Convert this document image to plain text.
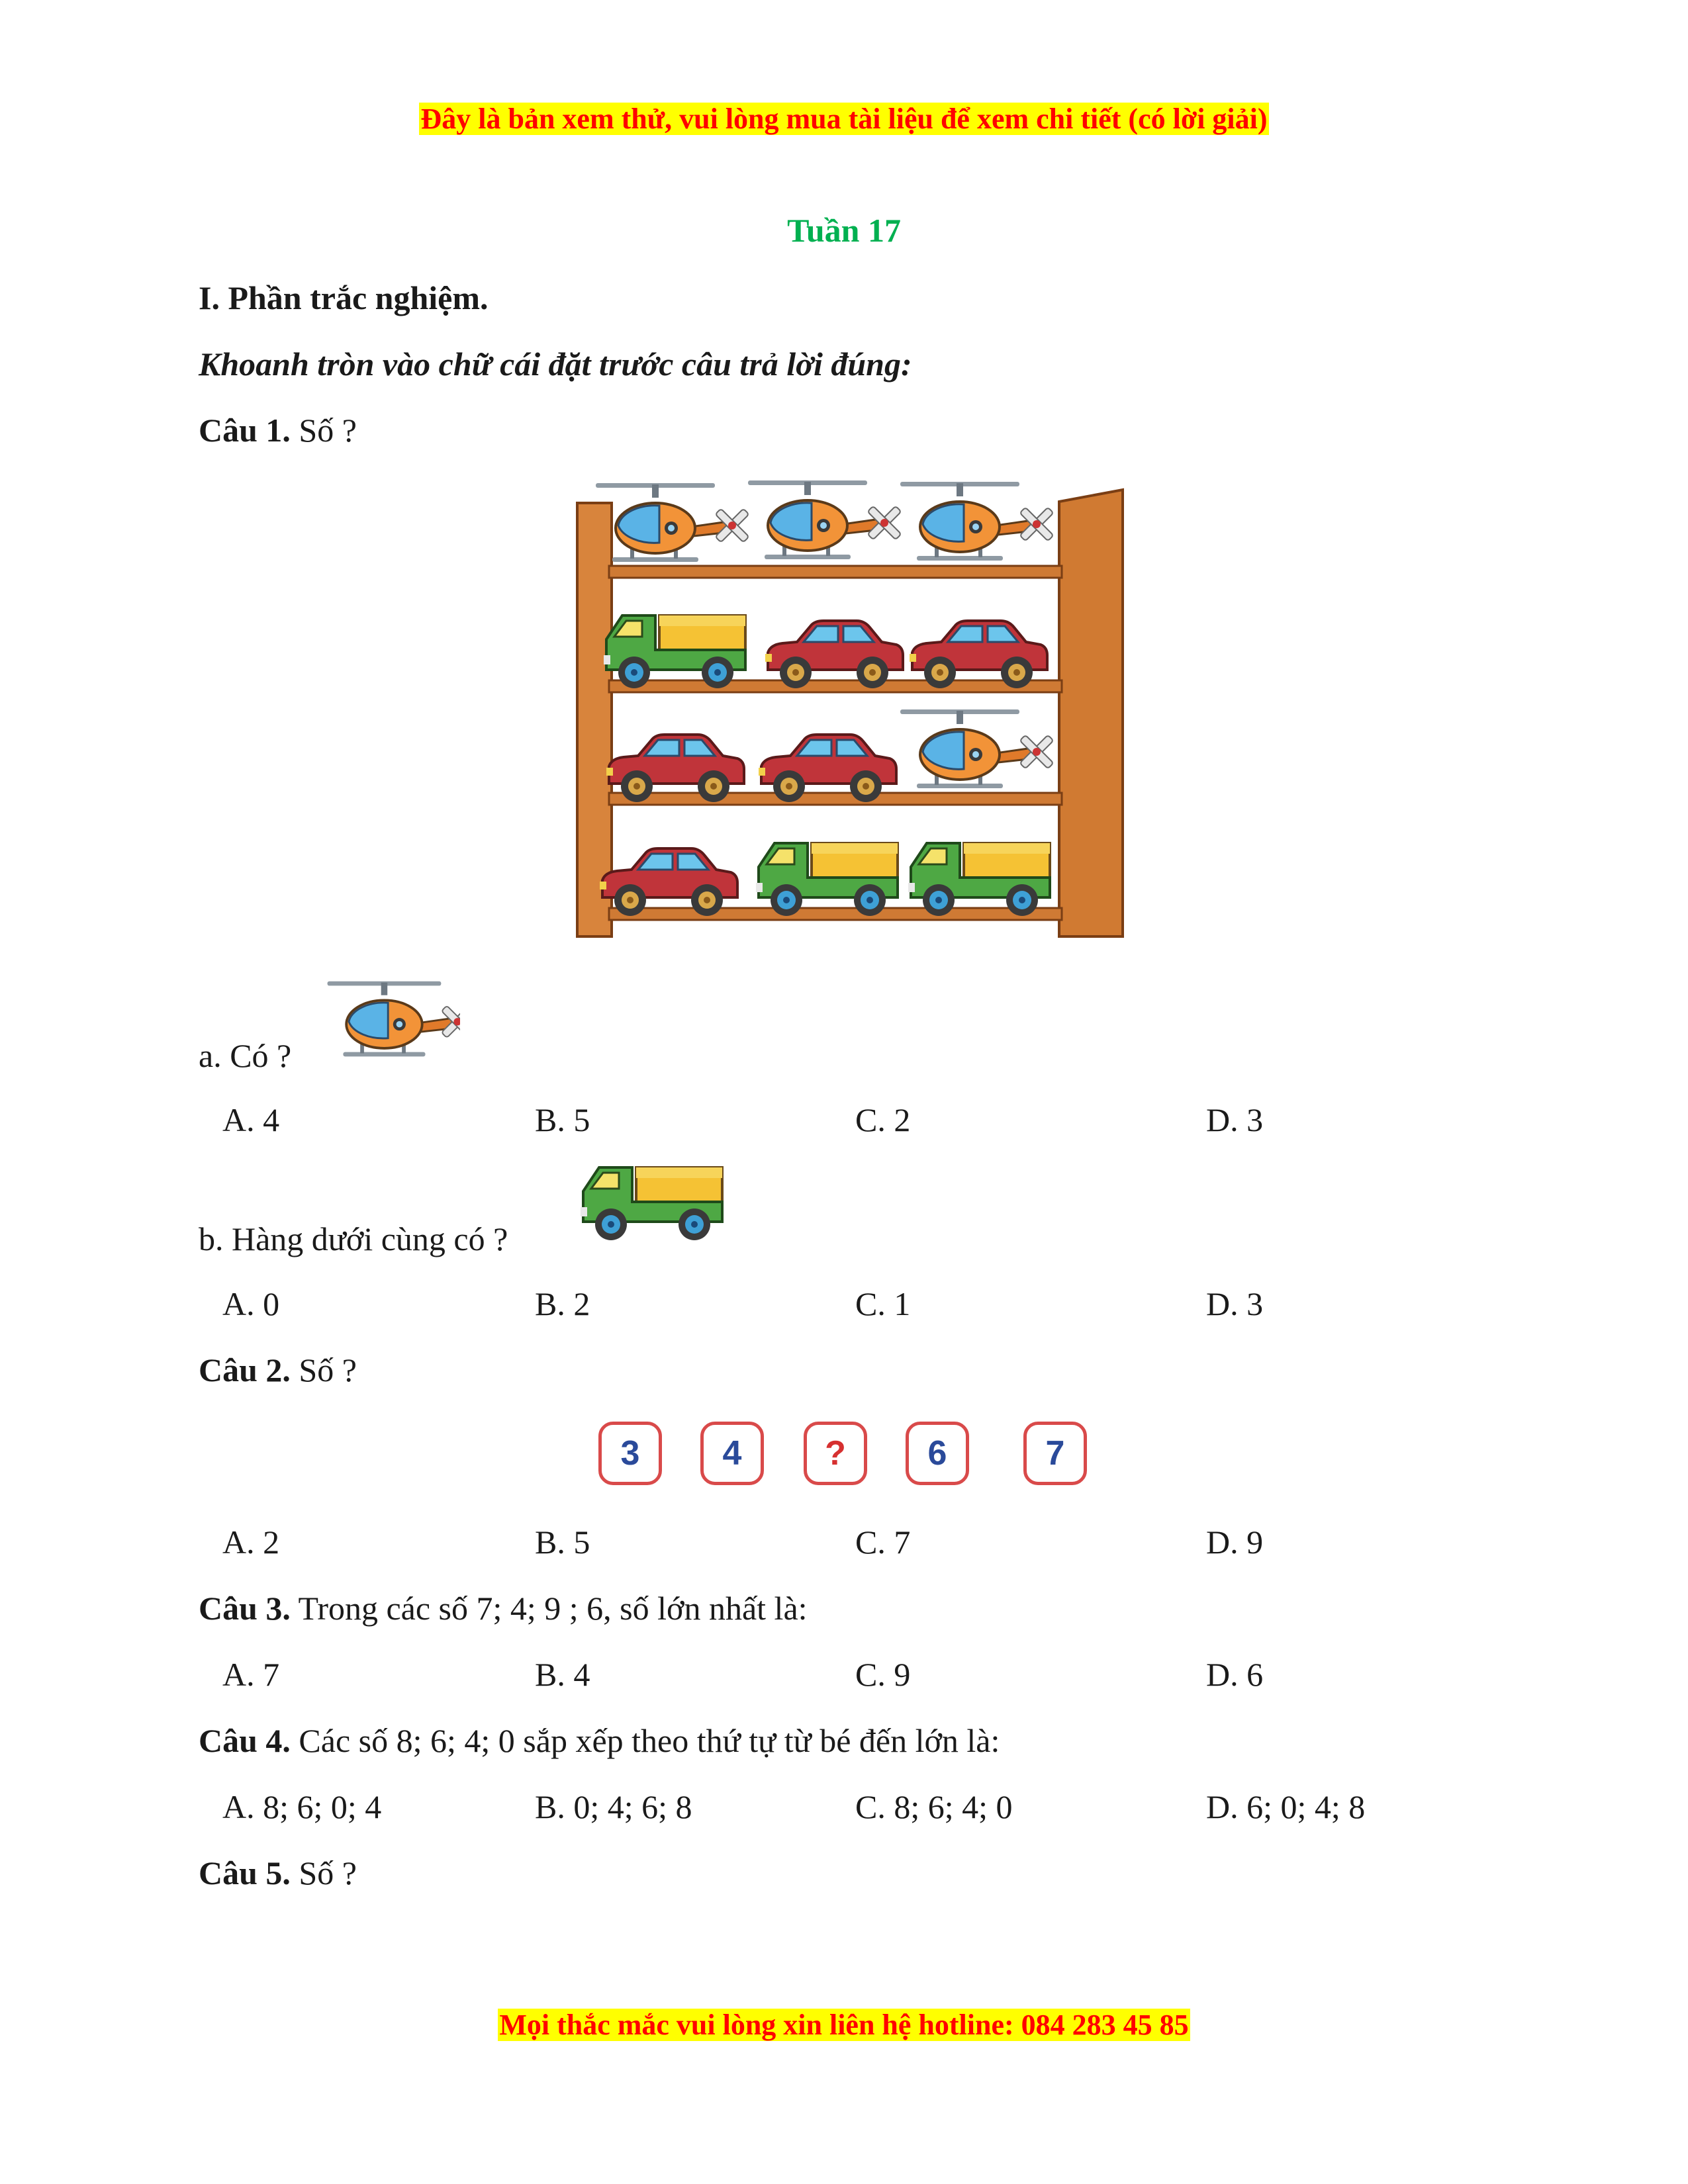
Đây là bản xem thử, vui lòng mua tài liệu để xem chi tiết (có lời giải)
Tuần 17
I. Phần trắc nghiệm.
Khoanh tròn vào chữ cái đặt trước câu trả lời đúng:
Câu 1. Số ?
a. Có ?
A. 4	B. 5	C. 2	D. 3
b. Hàng dưới cùng có ?
A. 0	B. 2	C. 1	D. 3
Câu 2. Số ?
3	4	?	6	7
A. 2	B. 5	C. 7	D. 9
Câu 3. Trong các số 7; 4; 9 ; 6, số lớn nhất là:
A. 7	B. 4	C. 9	D. 6
Câu 4. Các số 8; 6; 4; 0 sắp xếp theo thứ tự từ bé đến lớn là:
A. 8; 6; 0; 4	B. 0; 4; 6; 8	C. 8; 6; 4; 0	D. 6; 0; 4; 8
Câu 5. Số ?
Mọi thắc mắc vui lòng xin liên hệ hotline: 084 283 45 85
